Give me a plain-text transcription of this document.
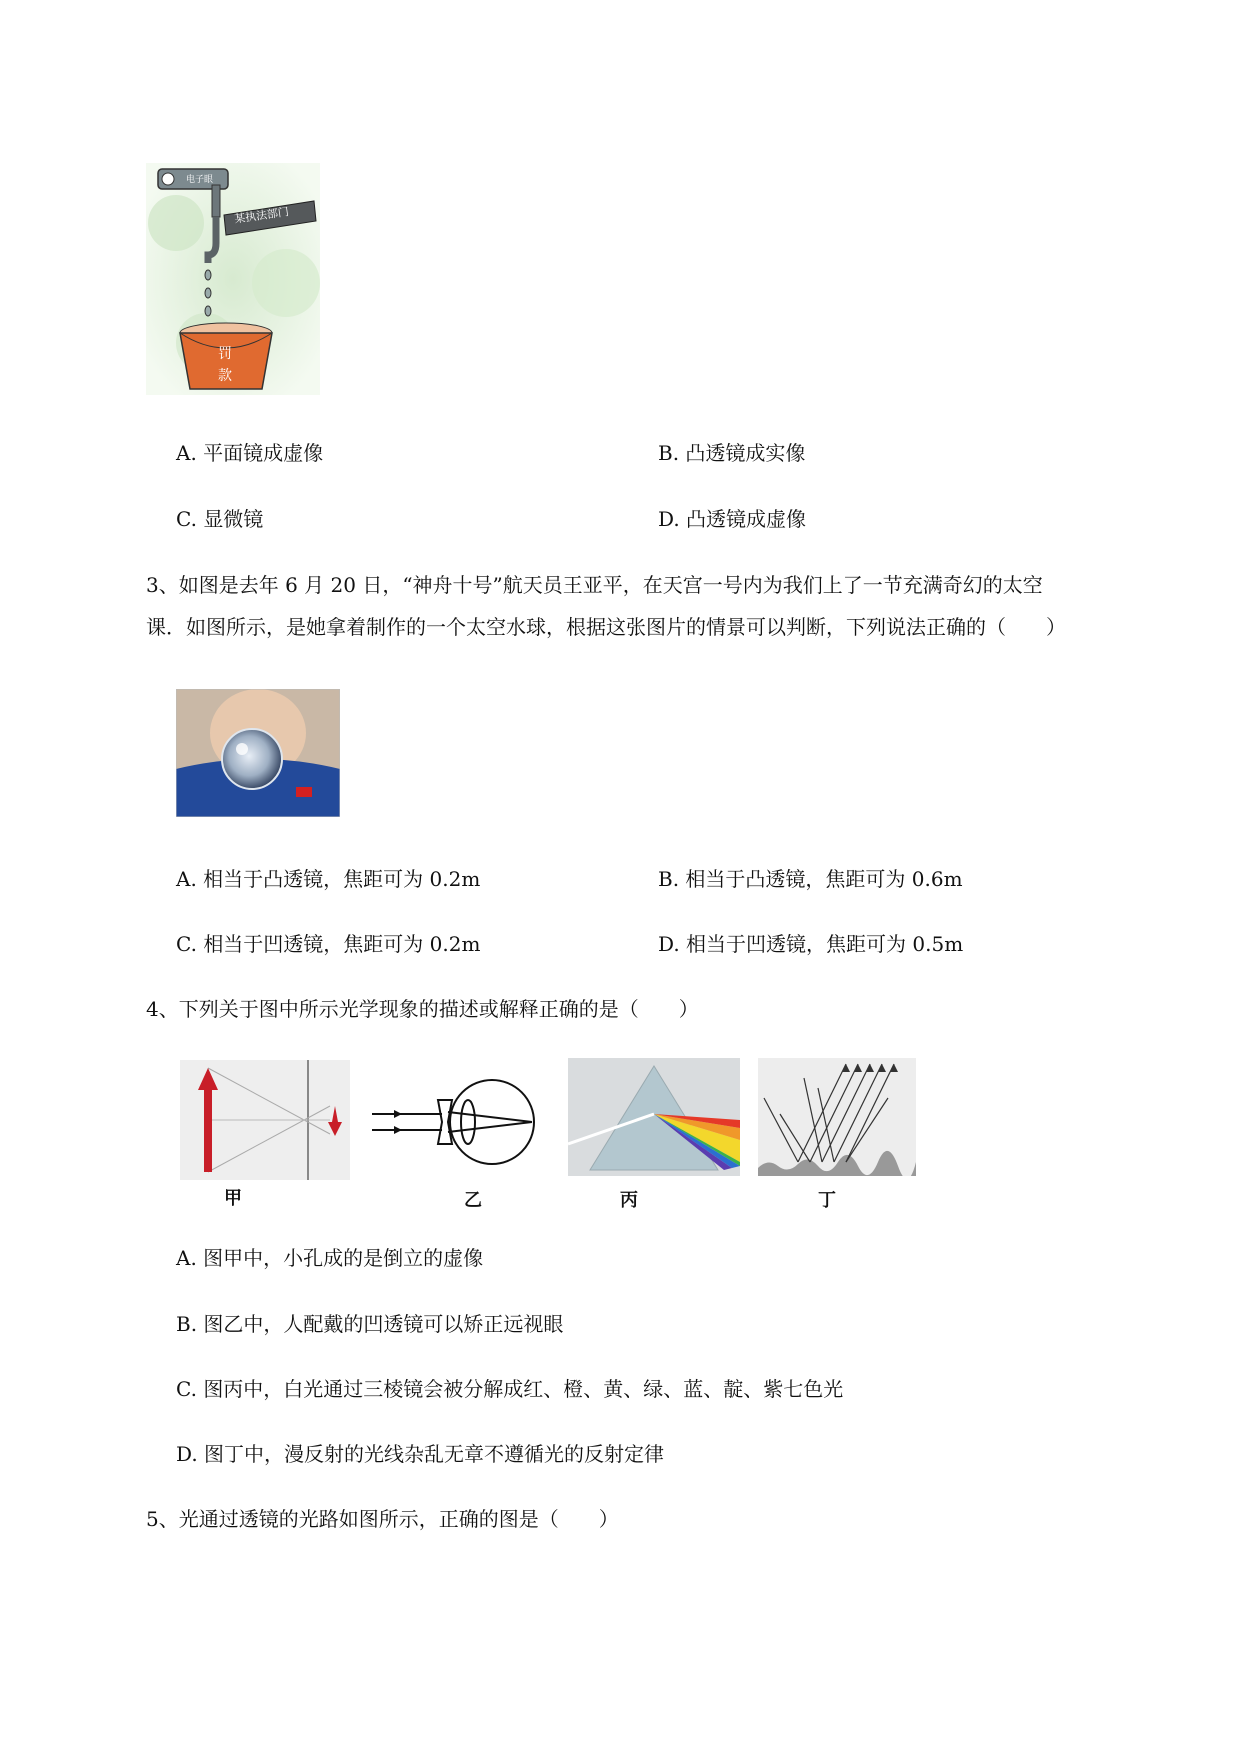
电子眼
某执法部门
罚
款
A. 平面镜成虚像	B. 凸透镜成实像
C. 显微镜	D. 凸透镜成虚像
3、如图是去年 6 月 20 日，“神舟十号”航天员王亚平，在天宫一号内为我们上了一节充满奇幻的太空
课．如图所示，是她拿着制作的一个太空水球，根据这张图片的情景可以判断，下列说法正确的（　　）
A. 相当于凸透镜，焦距可为 0.2m	B. 相当于凸透镜，焦距可为 0.6m
C. 相当于凹透镜，焦距可为 0.2m	D. 相当于凹透镜，焦距可为 0.5m
4、下列关于图中所示光学现象的描述或解释正确的是（　　）
甲	乙	丙	丁
A. 图甲中，小孔成的是倒立的虚像
B. 图乙中，人配戴的凹透镜可以矫正远视眼
C. 图丙中，白光通过三棱镜会被分解成红、橙、黄、绿、蓝、靛、紫七色光
D. 图丁中，漫反射的光线杂乱无章不遵循光的反射定律
5、光通过透镜的光路如图所示，正确的图是（　　）
